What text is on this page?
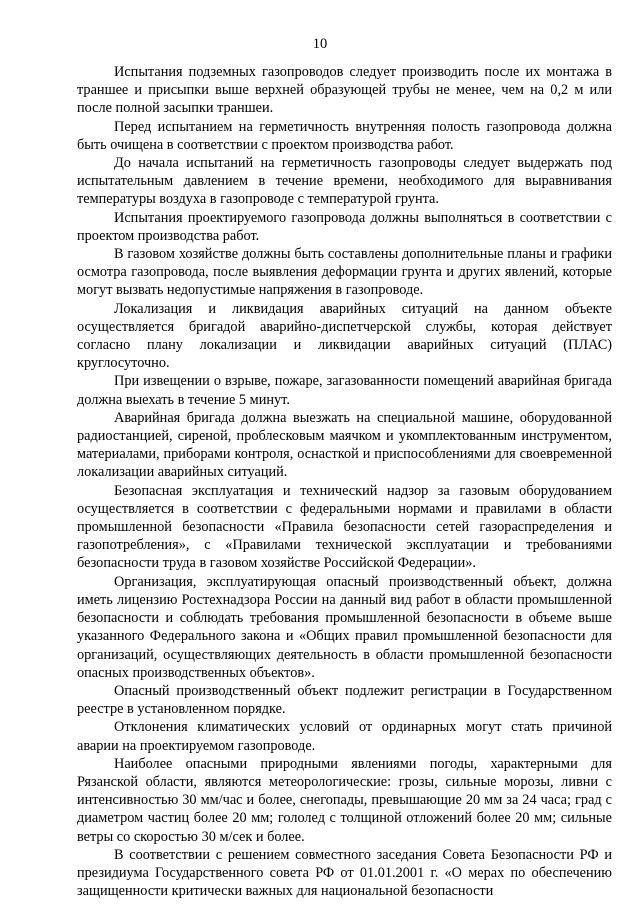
10

Испытания подземных газопроводов следует производить после их монтажа в траншее и присыпки выше верхней образующей трубы не менее, чем на 0,2 м или после полной засыпки траншеи.

Перед испытанием на герметичность внутренняя полость газопровода должна быть очищена в соответствии с проектом производства работ.

До начала испытаний на герметичность газопроводы следует выдержать под испытательным давлением в течение времени, необходимого для выравнивания температуры воздуха в газопроводе с температурой грунта.

Испытания проектируемого газопровода должны выполняться в соответствии с проектом производства работ.

В газовом хозяйстве должны быть составлены дополнительные планы и графики осмотра газопровода, после выявления деформации грунта и других явлений, которые могут вызвать недопустимые напряжения в газопроводе.

Локализация и ликвидация аварийных ситуаций на данном объекте осуществляется бригадой аварийно-диспетчерской службы, которая действует согласно плану локализации и ликвидации аварийных ситуаций (ПЛАС) круглосуточно.

При извещении о взрыве, пожаре, загазованности помещений аварийная бригада должна выехать в течение 5 минут.

Аварийная бригада должна выезжать на специальной машине, оборудованной радиостанцией, сиреной, проблесковым маячком и укомплектованным инструментом, материалами, приборами контроля, оснасткой и приспособлениями для своевременной локализации аварийных ситуаций.

Безопасная эксплуатация и технический надзор за газовым оборудованием осуществляется в соответствии с федеральными нормами и правилами в области промышленной безопасности «Правила безопасности сетей газораспределения и газопотребления», с «Правилами технической эксплуатации и требованиями безопасности труда в газовом хозяйстве Российской Федерации».

Организация, эксплуатирующая опасный производственный объект, должна иметь лицензию Ростехнадзора России на данный вид работ в области промышленной безопасности и соблюдать требования промышленной безопасности в объеме выше указанного Федерального закона и «Общих правил промышленной безопасности для организаций, осуществляющих деятельность в области промышленной безопасности опасных производственных объектов».

Опасный производственный объект подлежит регистрации в Государственном реестре в установленном порядке.

Отклонения климатических условий от ординарных могут стать причиной аварии на проектируемом газопроводе.

Наиболее опасными природными явлениями погоды, характерными для Рязанской области, являются метеорологические: грозы, сильные морозы, ливни с интенсивностью 30 мм/час и более, снегопады, превышающие 20 мм за 24 часа; град с диаметром частиц более 20 мм; гололед с толщиной отложений более 20 мм; сильные ветры со скоростью 30 м/сек и более.

В соответствии с решением совместного заседания Совета Безопасности РФ и президиума Государственного совета РФ от 01.01.2001 г. «О мерах по обеспечению защищенности критически важных для национальной безопасности
